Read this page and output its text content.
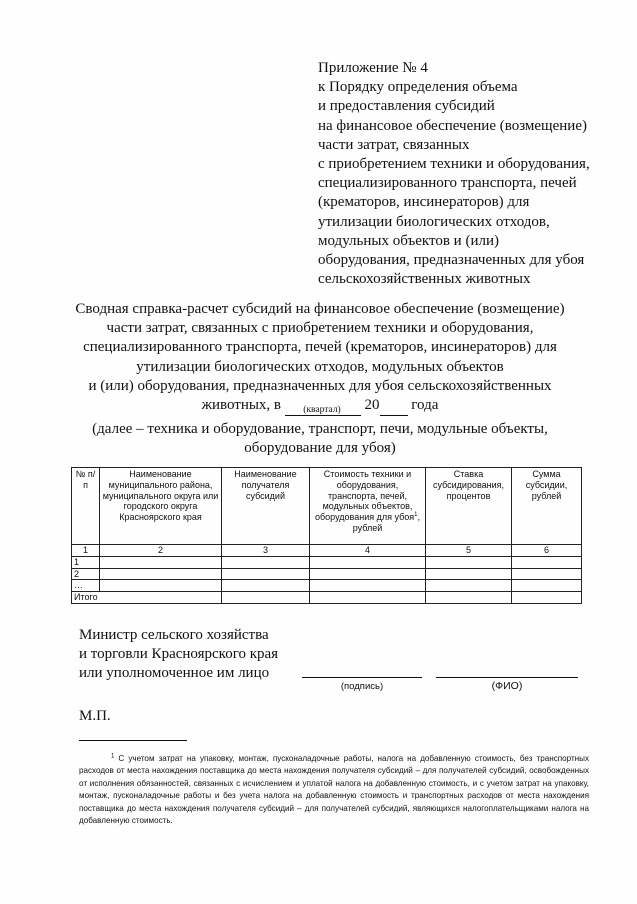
Приложение № 4
к Порядку определения объема
и предоставления субсидий
на финансовое обеспечение (возмещение)
части затрат, связанных
с приобретением техники и оборудования,
специализированного транспорта, печей
(крематоров, инсинераторов) для
утилизации биологических отходов,
модульных объектов и (или)
оборудования, предназначенных для убоя
сельскохозяйственных животных
Сводная справка-расчет субсидий на финансовое обеспечение (возмещение)
части затрат, связанных с приобретением техники и оборудования,
специализированного транспорта, печей (крематоров, инсинераторов) для
утилизации биологических отходов, модульных объектов
и (или) оборудования, предназначенных для убоя сельскохозяйственных
животных, в	20 года
(квартал)
(далее – техника и оборудование, транспорт, печи, модульные объекты,
оборудование для убоя)
№ п/п	Наименование муниципального района, муниципального округа или городского округа Красноярского края	Наименование получателя субсидий	Стоимость техники и оборудования, транспорта, печей, модульных объектов, оборудования для убоя$^1$, рублей	Ставка субсидирования, процентов	Сумма субсидии, рублей
1	2	3	4	5	6
1					
2					
…					
Итого					
Министр сельского хозяйства
и торговли Красноярского края
или уполномоченное им лицо
(подпись)	(ФИО)
М.П.
$^1$ С учетом затрат на упаковку, монтаж, пусконаладочные работы, налога на добавленную стоимость, без транспортных расходов от места нахождения поставщика до места нахождения получателя субсидий – для получателей субсидий, освобожденных от исполнения обязанностей, связанных с исчислением и уплатой налога на добавленную стоимость, и с учетом затрат на упаковку, монтаж, пусконаладочные работы и без учета налога на добавленную стоимость и транспортных расходов от места нахождения поставщика до места нахождения получателя субсидий – для получателей субсидий, являющихся налогоплательщиками налога на добавленную стоимость.
